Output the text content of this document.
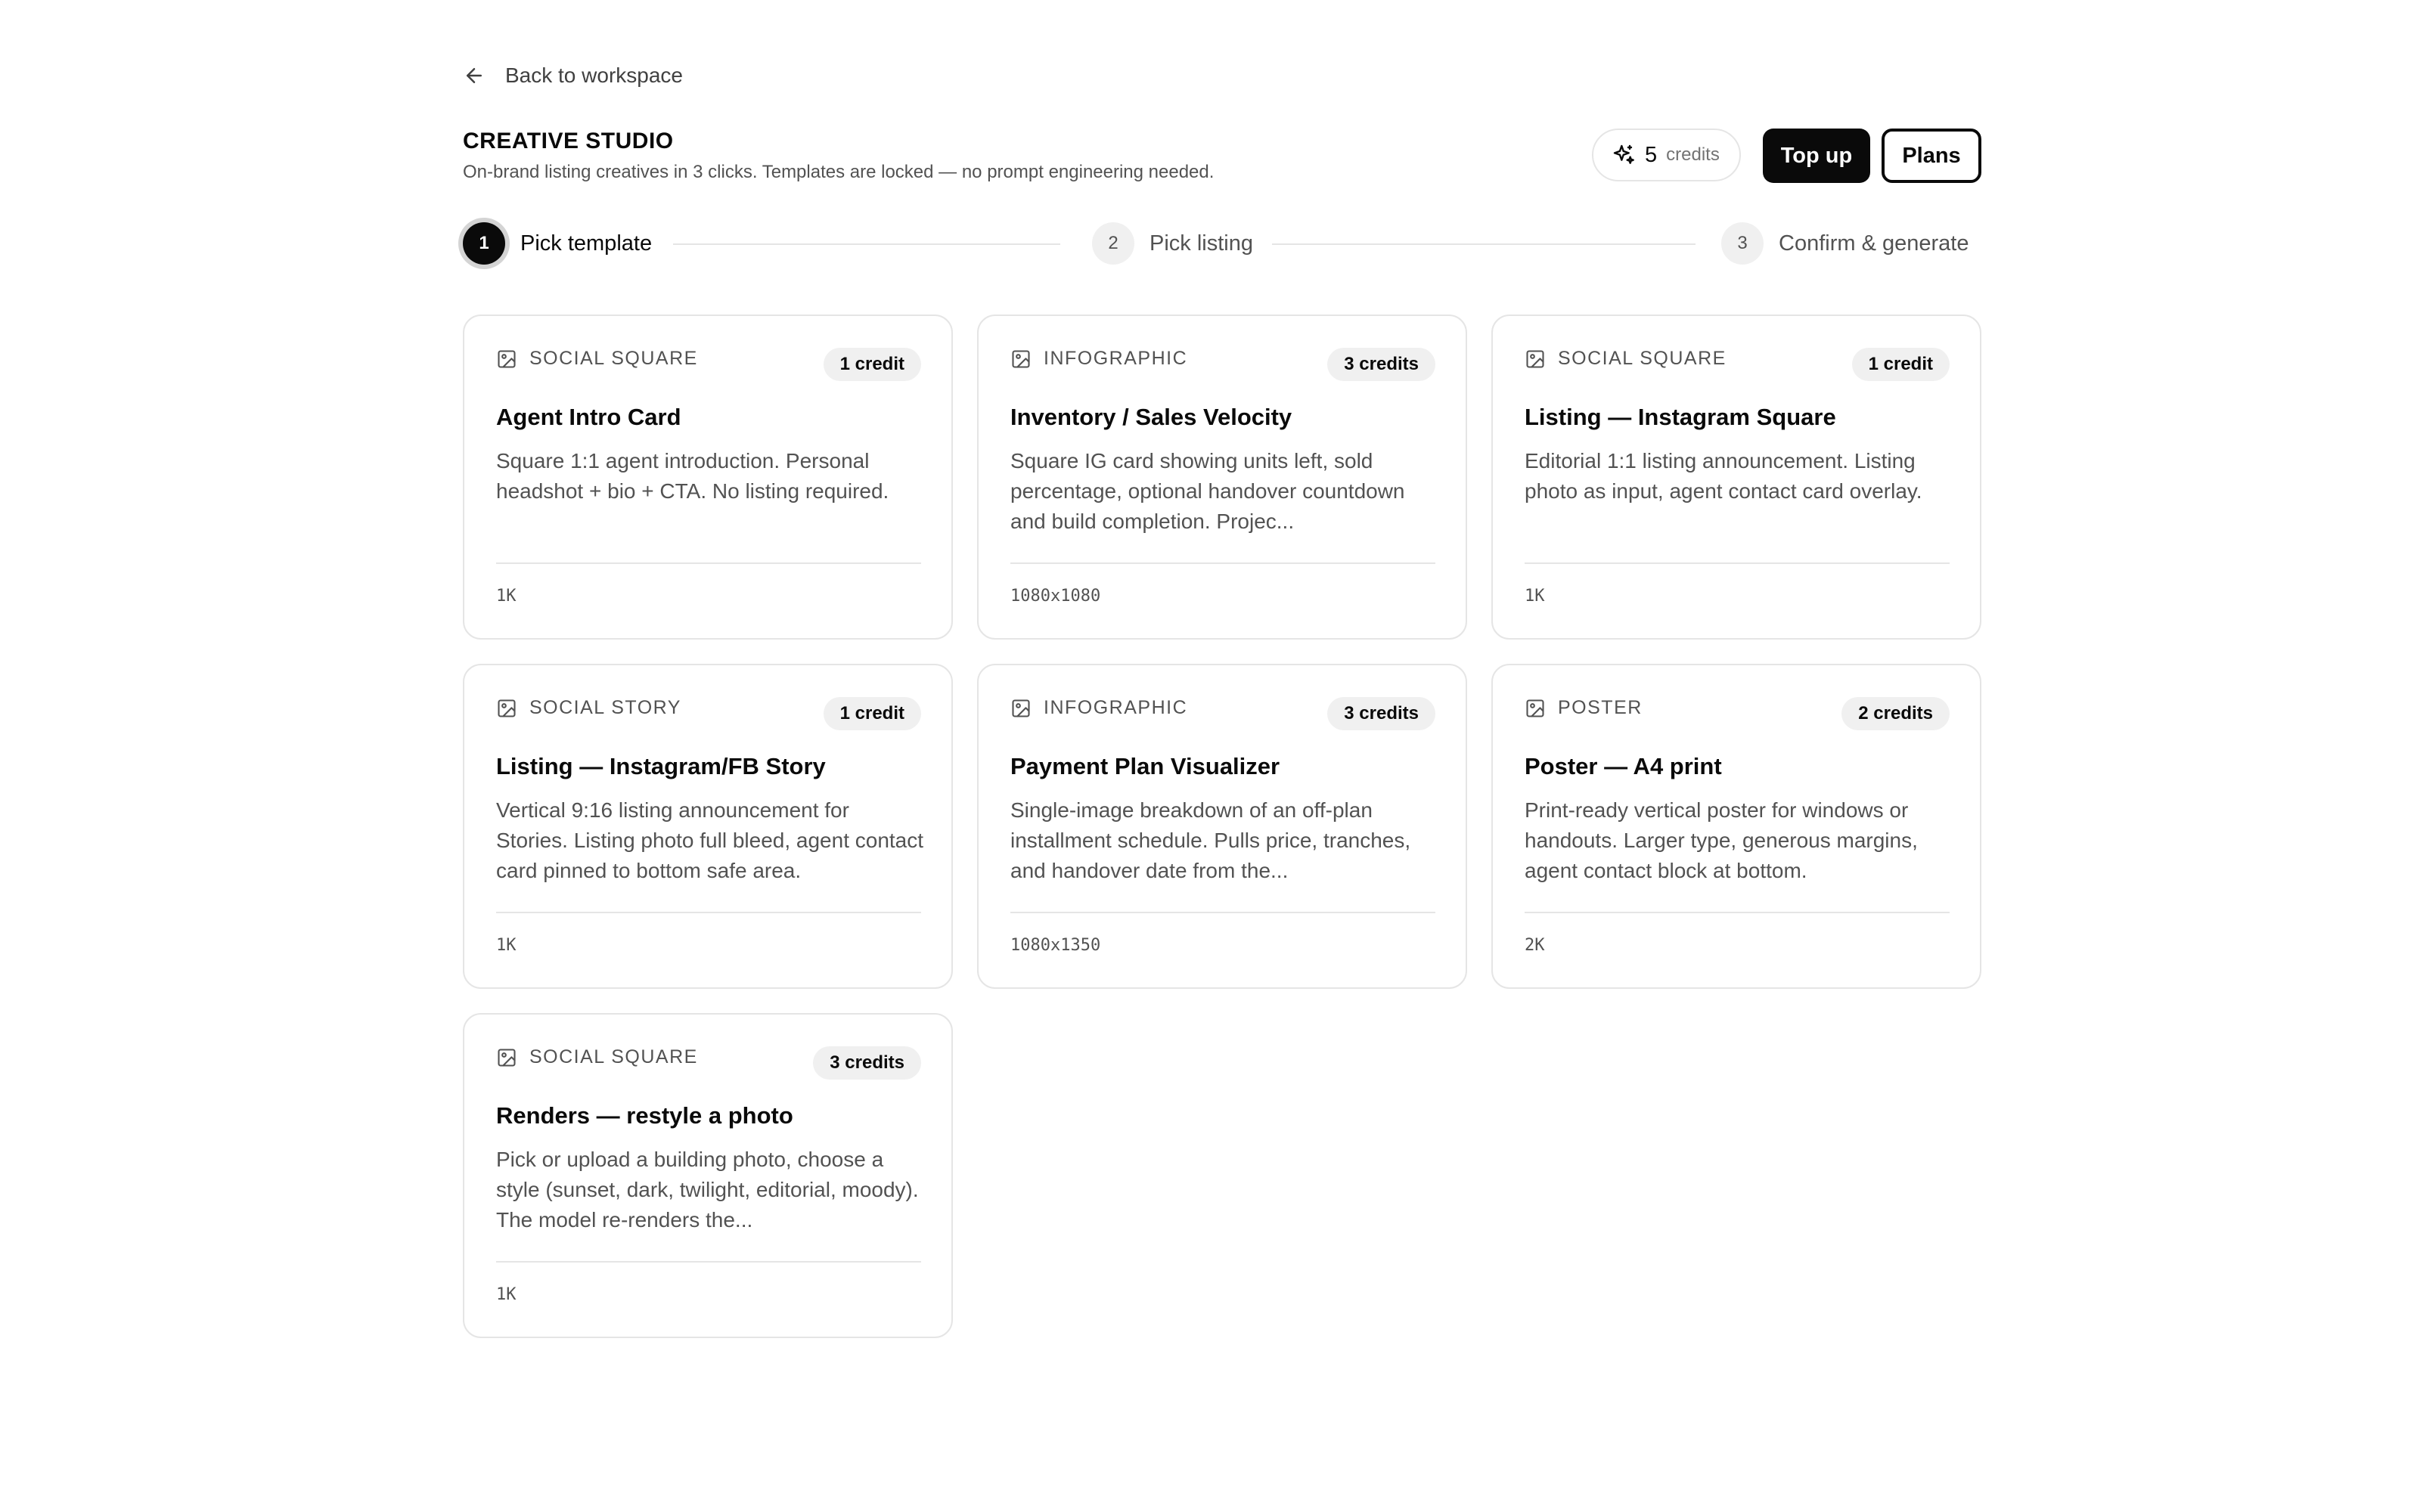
Back to workspace
CREATIVE STUDIO
On-brand listing creatives in 3 clicks. Templates are locked — no prompt engineering needed.
5 credits	Top up	Plans
1	Pick template	2	Pick listing	3	Confirm & generate
SOCIAL SQUARE	1 credit
Agent Intro Card
Square 1:1 agent introduction. Personal headshot + bio + CTA. No listing required.
1K
INFOGRAPHIC	3 credits
Inventory / Sales Velocity
Square IG card showing units left, sold percentage, optional handover countdown and build completion. Projec...
1080x1080
SOCIAL SQUARE	1 credit
Listing — Instagram Square
Editorial 1:1 listing announcement. Listing photo as input, agent contact card overlay.
1K
SOCIAL STORY	1 credit
Listing — Instagram/FB Story
Vertical 9:16 listing announcement for Stories. Listing photo full bleed, agent contact card pinned to bottom safe area.
1K
INFOGRAPHIC	3 credits
Payment Plan Visualizer
Single-image breakdown of an off-plan installment schedule. Pulls price, tranches, and handover date from the...
1080x1350
POSTER	2 credits
Poster — A4 print
Print-ready vertical poster for windows or handouts. Larger type, generous margins, agent contact block at bottom.
2K
SOCIAL SQUARE	3 credits
Renders — restyle a photo
Pick or upload a building photo, choose a style (sunset, dark, twilight, editorial, moody). The model re-renders the...
1K
